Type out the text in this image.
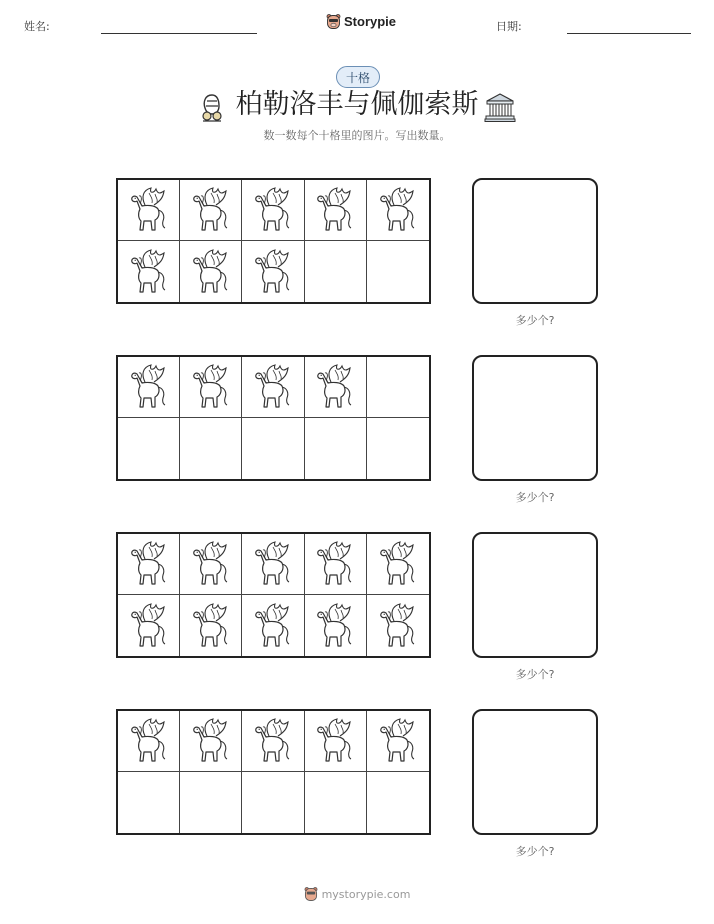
姓名:	Storypie	日期:
十格
柏勒洛丰与佩伽索斯
数一数每个十格里的图片。写出数量。
多少个?
多少个?
多少个?
多少个?
mystorypie.com
